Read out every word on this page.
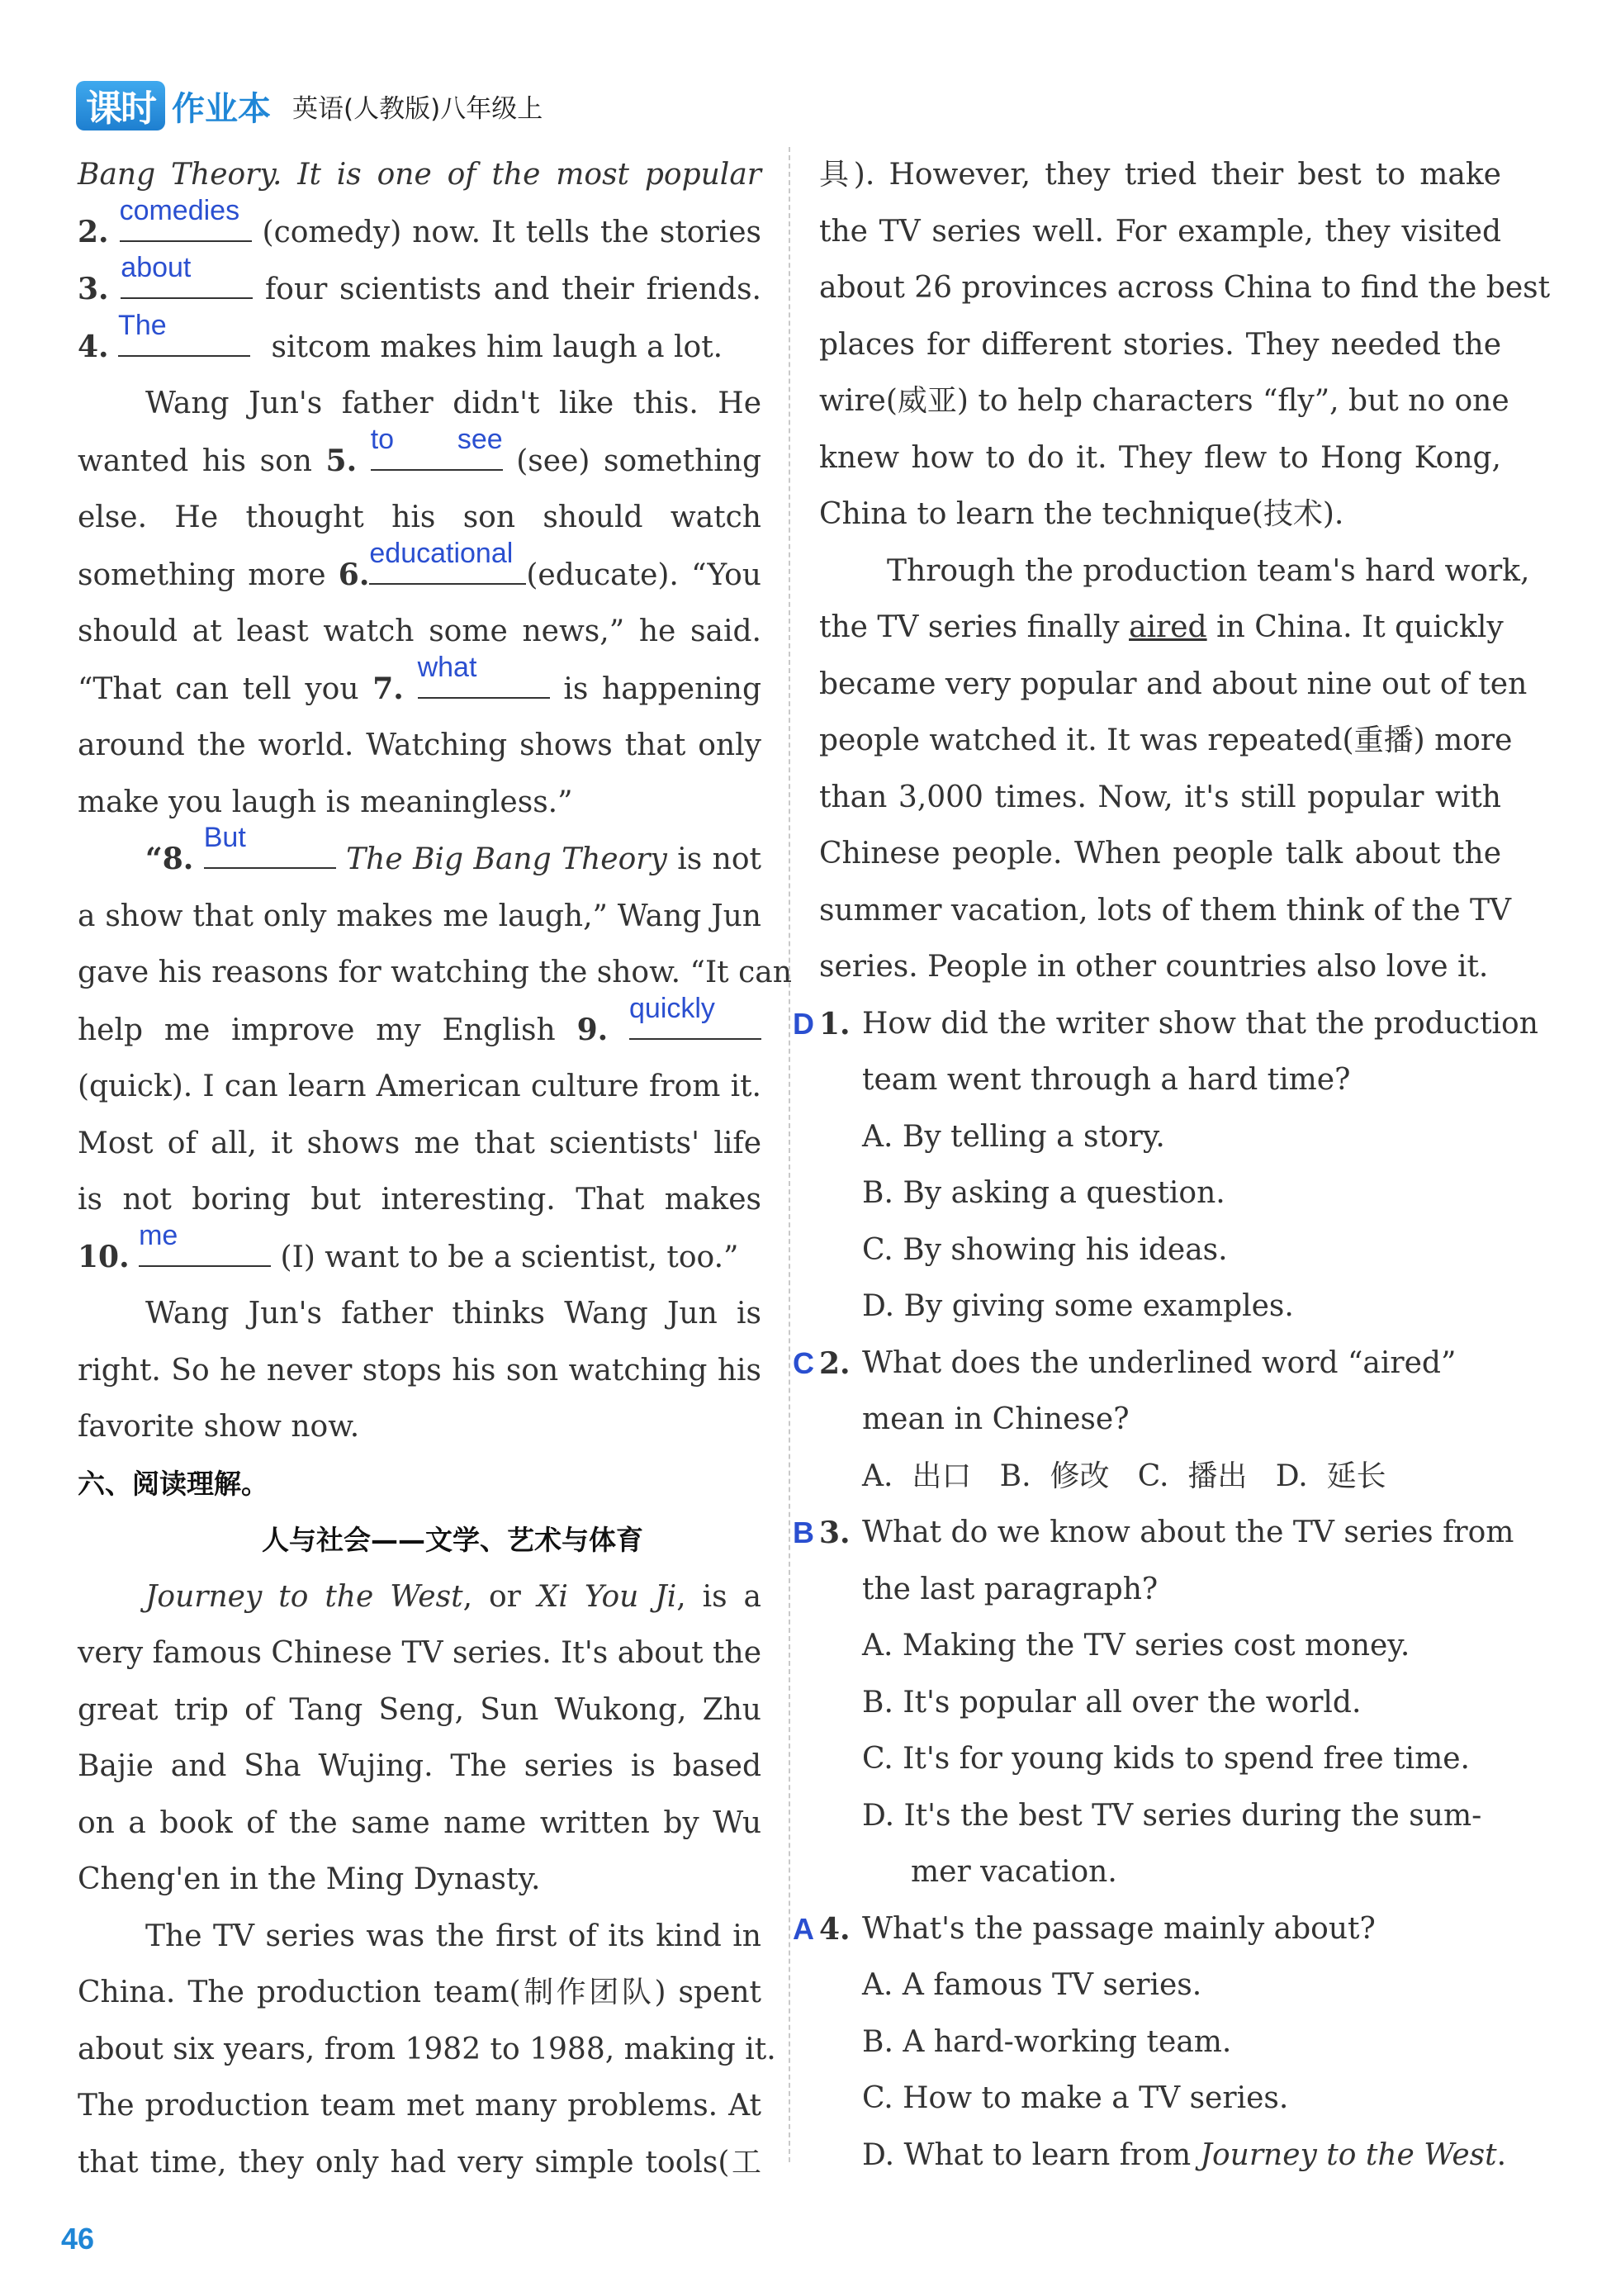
课时 作业本 英语(人教版)八年级上
Bang Theory. It is one of the most popular
2.
comedies
(comedy) now. It tells the stories
3.
about
four scientists and their friends.
4.
The
sitcom makes him laugh a lot.
Wang Jun's father didn't like this. He
wanted his son 5.
to see
(see) something
else. He thought his son should watch
something more 6.
educational
(educate). “You
should at least watch some news,” he said.
“That can tell you 7.
what
is happening
around the world. Watching shows that only
make you laugh is meaningless.”
“8.
But
The Big Bang Theory is not
a show that only makes me laugh,” Wang Jun
gave his reasons for watching the show. “It can
help me improve my English 9.
quickly
(quick). I can learn American culture from it.
Most of all, it shows me that scientists' life
is not boring but interesting. That makes
10.
me
(I) want to be a scientist, too.”
Wang Jun's father thinks Wang Jun is
right. So he never stops his son watching his
favorite show now.
六、阅读理解。
人与社会——文学、艺术与体育
Journey to the West, or Xi You Ji, is a
very famous Chinese TV series. It's about the
great trip of Tang Seng, Sun Wukong, Zhu
Bajie and Sha Wujing. The series is based
on a book of the same name written by Wu
Cheng'en in the Ming Dynasty.
The TV series was the first of its kind in
China. The production team(制作团队) spent
about six years, from 1982 to 1988, making it.
The production team met many problems. At
that time, they only had very simple tools(工
具). However, they tried their best to make
the TV series well. For example, they visited
about 26 provinces across China to find the best
places for different stories. They needed the
wire(威亚) to help characters “fly”, but no one
knew how to do it. They flew to Hong Kong,
China to learn the technique(技术).
Through the production team's hard work,
the TV series finally aired in China. It quickly
became very popular and about nine out of ten
people watched it. It was repeated(重播) more
than 3,000 times. Now, it's still popular with
Chinese people. When people talk about the
summer vacation, lots of them think of the TV
series. People in other countries also love it.
D 1. How did the writer show that the production
team went through a hard time?
A. By telling a story.
B. By asking a question.
C. By showing his ideas.
D. By giving some examples.
C 2. What does the underlined word “aired”
mean in Chinese?
A.  出口   B.  修改   C.  播出   D.  延长
B 3. What do we know about the TV series from
the last paragraph?
A. Making the TV series cost money.
B. It's popular all over the world.
C. It's for young kids to spend free time.
D. It's the best TV series during the sum-
mer vacation.
A 4. What's the passage mainly about?
A. A famous TV series.
B. A hard-working team.
C. How to make a TV series.
D. What to learn from Journey to the West.
46
